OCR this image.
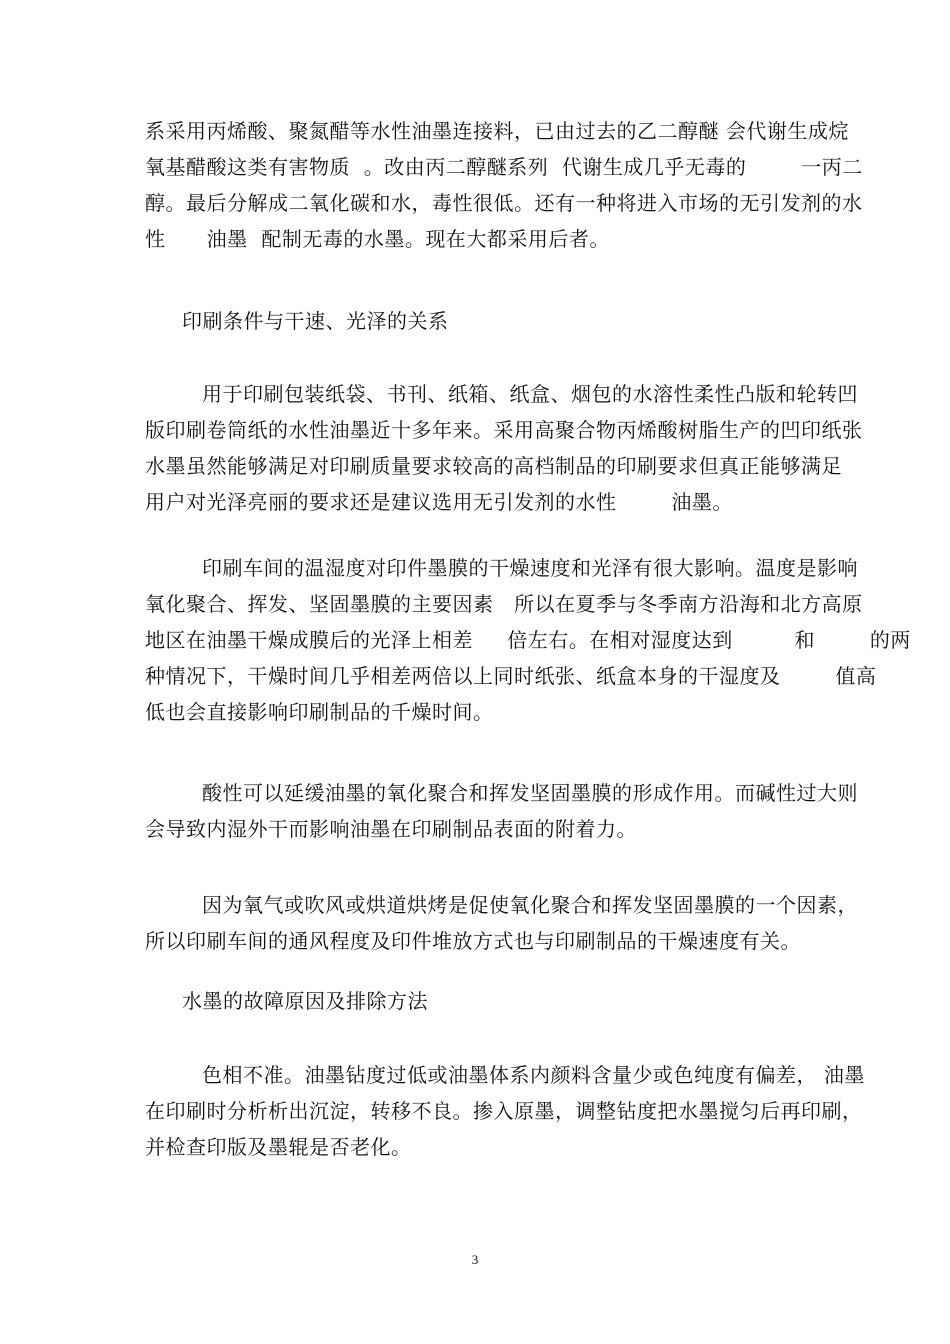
系采用丙烯酸、聚氮醋等水性油墨连接料，已由过去的乙二醇醚 会代谢生成烷
氧基醋酸这类有害物质  。改由丙二醇醚系列  代谢生成几乎无毒的        一丙二
醇。最后分解成二氧化碳和水，毒性很低。还有一种将进入市场的无引发剂的水
性      油墨  配制无毒的水墨。现在大都采用后者。
印刷条件与干速、光泽的关系
用于印刷包装纸袋、书刊、纸箱、纸盒、烟包的水溶性柔性凸版和轮转凹
版印刷卷筒纸的水性油墨近十多年来。采用高聚合物丙烯酸树脂生产的凹印纸张
水墨虽然能够满足对印刷质量要求较高的高档制品的印刷要求但真正能够满足
用户对光泽亮丽的要求还是建议选用无引发剂的水性        油墨。
印刷车间的温湿度对印件墨膜的干燥速度和光泽有很大影响。温度是影响
氧化聚合、挥发、坚固墨膜的主要因素   所以在夏季与冬季南方沿海和北方高原
地区在油墨干燥成膜后的光泽上相差     倍左右。在相对湿度达到         和        的两
种情况下，干燥时间几乎相差两倍以上同时纸张、纸盒本身的干湿度及        值高
低也会直接影响印刷制品的千燥时间。
酸性可以延缓油墨的氧化聚合和挥发坚固墨膜的形成作用。而碱性过大则
会导致内湿外干而影响油墨在印刷制品表面的附着力。
因为氧气或吹风或烘道烘烤是促使氧化聚合和挥发坚固墨膜的一个因素，
所以印刷车间的通风程度及印件堆放方式也与印刷制品的干燥速度有关。
水墨的故障原因及排除方法
色相不准。油墨钻度过低或油墨体系内颜料含量少或色纯度有偏差， 油墨
在印刷时分析析出沉淀，转移不良。掺入原墨，调整钻度把水墨搅匀后再印刷，
并检查印版及墨辊是否老化。
3
